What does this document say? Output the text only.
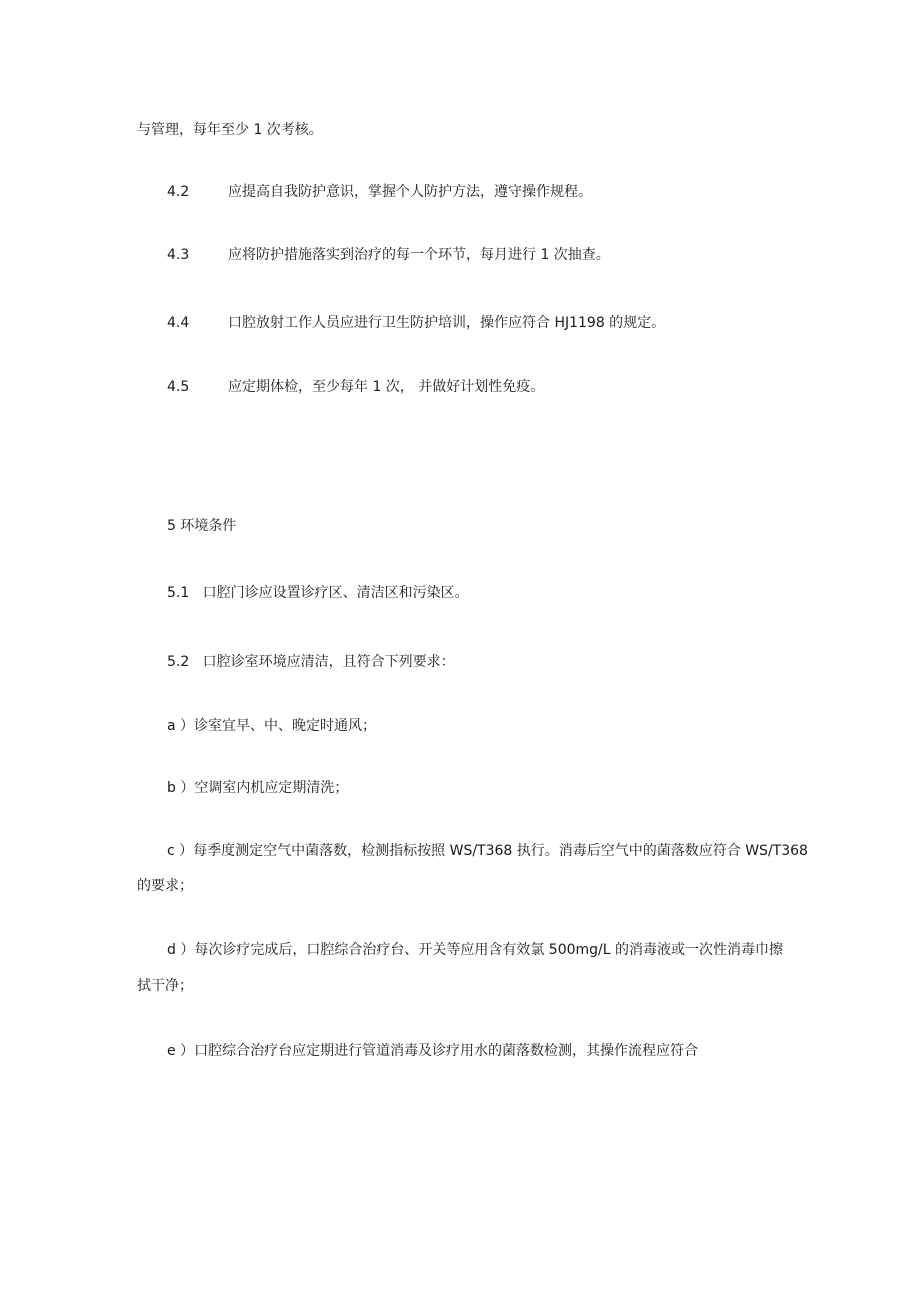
与管理，每年至少 1 次考核。
4.2	应提高自我防护意识，掌握个人防护方法，遵守操作规程。
4.3	应将防护措施落实到治疗的每一个环节，每月进行 1 次抽查。
4.4	口腔放射工作人员应进行卫生防护培训，操作应符合 HJ1198 的规定。
4.5	应定期体检，至少每年 1 次， 并做好计划性免疫。
5 环境条件
5.1   口腔门诊应设置诊疗区、清洁区和污染区。
5.2   口腔诊室环境应清洁，且符合下列要求：
a ）诊室宜早、中、晚定时通风；
b ）空调室内机应定期清洗；
c ）每季度测定空气中菌落数，检测指标按照 WS/T368 执行。消毒后空气中的菌落数应符合 WS/T368
的要求；
d ）每次诊疗完成后，口腔综合治疗台、开关等应用含有效氯 500mg/L 的消毒液或一次性消毒巾擦
拭干净；
e ）口腔综合治疗台应定期进行管道消毒及诊疗用水的菌落数检测，其操作流程应符合
